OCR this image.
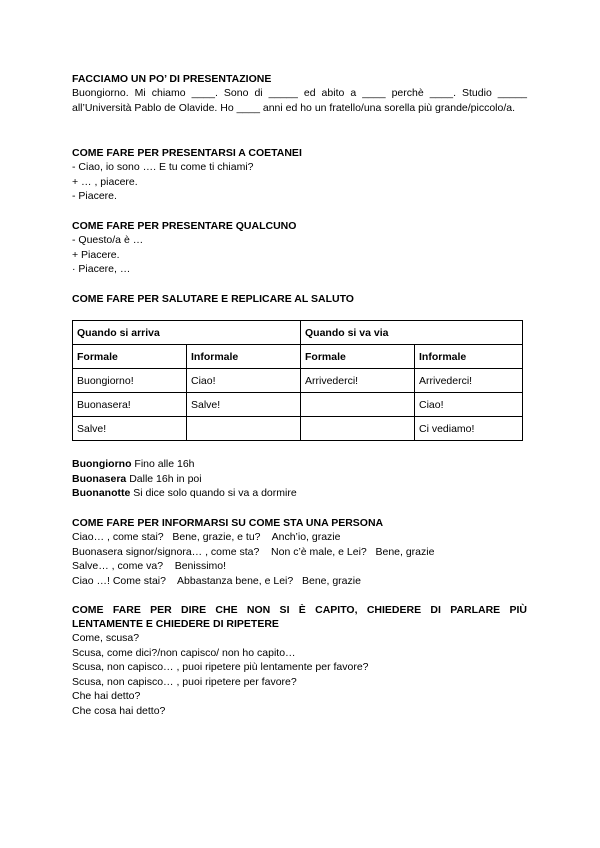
FACCIAMO UN PO’ DI PRESENTAZIONE

Buongiorno. Mi chiamo ____. Sono di _____ ed abito a ____ perchè ____. Studio _____ all’Università Pablo de Olavide. Ho ____ anni ed ho un fratello/una sorella più grande/piccolo/a.

COME FARE PER PRESENTARSI A COETANEI

- Ciao, io sono …. E tu come ti chiami?

+ … , piacere.

- Piacere.

COME FARE PER PRESENTARE QUALCUNO

- Questo/a è …

+ Piacere.

· Piacere, …

COME FARE PER SALUTARE E REPLICARE AL SALUTO

Quando si arriva		Quando si va via	
Formale	Informale	Formale	Informale
Buongiorno!	Ciao!	Arrivederci!	Arrivederci!
Buonasera!	Salve!		Ciao!
Salve!			Ci vediamo!

Buongiorno Fino alle 16h

Buonasera Dalle 16h in poi

Buonanotte Si dice solo quando si va a dormire

COME FARE PER INFORMARSI SU COME STA UNA PERSONA

Ciao… , come stai?   Bene, grazie, e tu?    Anch’io, grazie

Buonasera signor/signora… , come sta?    Non c’è male, e Lei?   Bene, grazie

Salve… , come va?    Benissimo!

Ciao …! Come stai?    Abbastanza bene, e Lei?   Bene, grazie

COME FARE PER DIRE CHE NON SI È CAPITO, CHIEDERE DI PARLARE PIÙ

LENTAMENTE E CHIEDERE DI RIPETERE

Come, scusa?

Scusa, come dici?/non capisco/ non ho capito…

Scusa, non capisco… , puoi ripetere più lentamente per favore?

Scusa, non capisco… , puoi ripetere per favore?

Che hai detto?

Che cosa hai detto?
